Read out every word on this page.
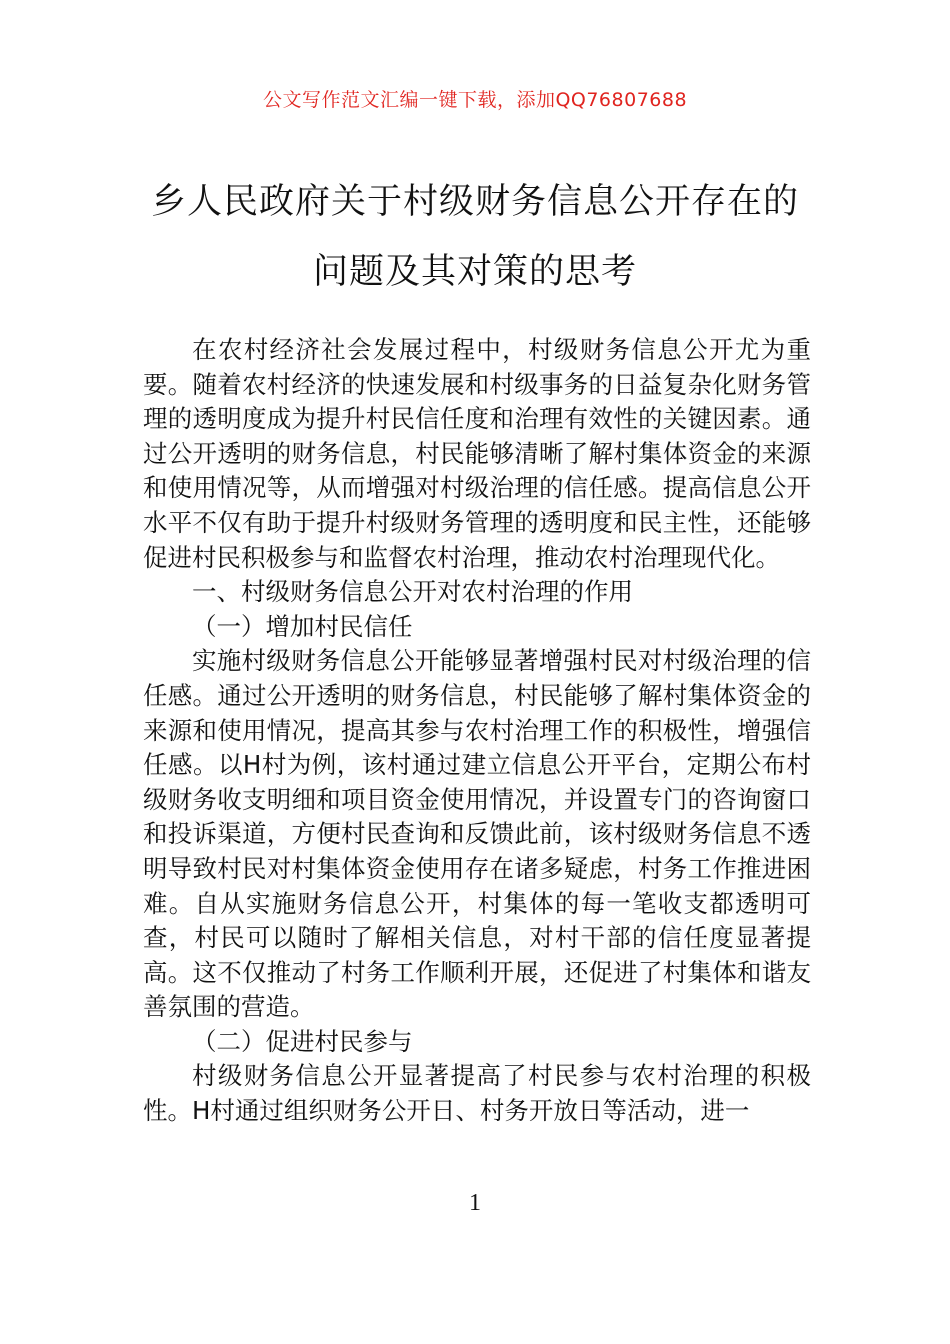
公文写作范文汇编一键下载，添加QQ76807688
乡人民政府关于村级财务信息公开存在的
问题及其对策的思考

在农村经济社会发展过程中，村级财务信息公开尤为重要。随着农村经济的快速发展和村级事务的日益复杂化财务管理的透明度成为提升村民信任度和治理有效性的关键因素。通过公开透明的财务信息，村民能够清晰了解村集体资金的来源和使用情况等，从而增强对村级治理的信任感。提高信息公开水平不仅有助于提升村级财务管理的透明度和民主性，还能够促进村民积极参与和监督农村治理，推动农村治理现代化。

一、村级财务信息公开对农村治理的作用

（一）增加村民信任

实施村级财务信息公开能够显著增强村民对村级治理的信任感。通过公开透明的财务信息，村民能够了解村集体资金的来源和使用情况，提高其参与农村治理工作的积极性，增强信任感。以H村为例，该村通过建立信息公开平台，定期公布村级财务收支明细和项目资金使用情况，并设置专门的咨询窗口和投诉渠道，方便村民查询和反馈此前，该村级财务信息不透明导致村民对村集体资金使用存在诸多疑虑，村务工作推进困难。自从实施财务信息公开，村集体的每一笔收支都透明可查，村民可以随时了解相关信息，对村干部的信任度显著提高。这不仅推动了村务工作顺利开展，还促进了村集体和谐友善氛围的营造。

（二）促进村民参与

村级财务信息公开显著提高了村民参与农村治理的积极性。H村通过组织财务公开日、村务开放日等活动，进一

1
